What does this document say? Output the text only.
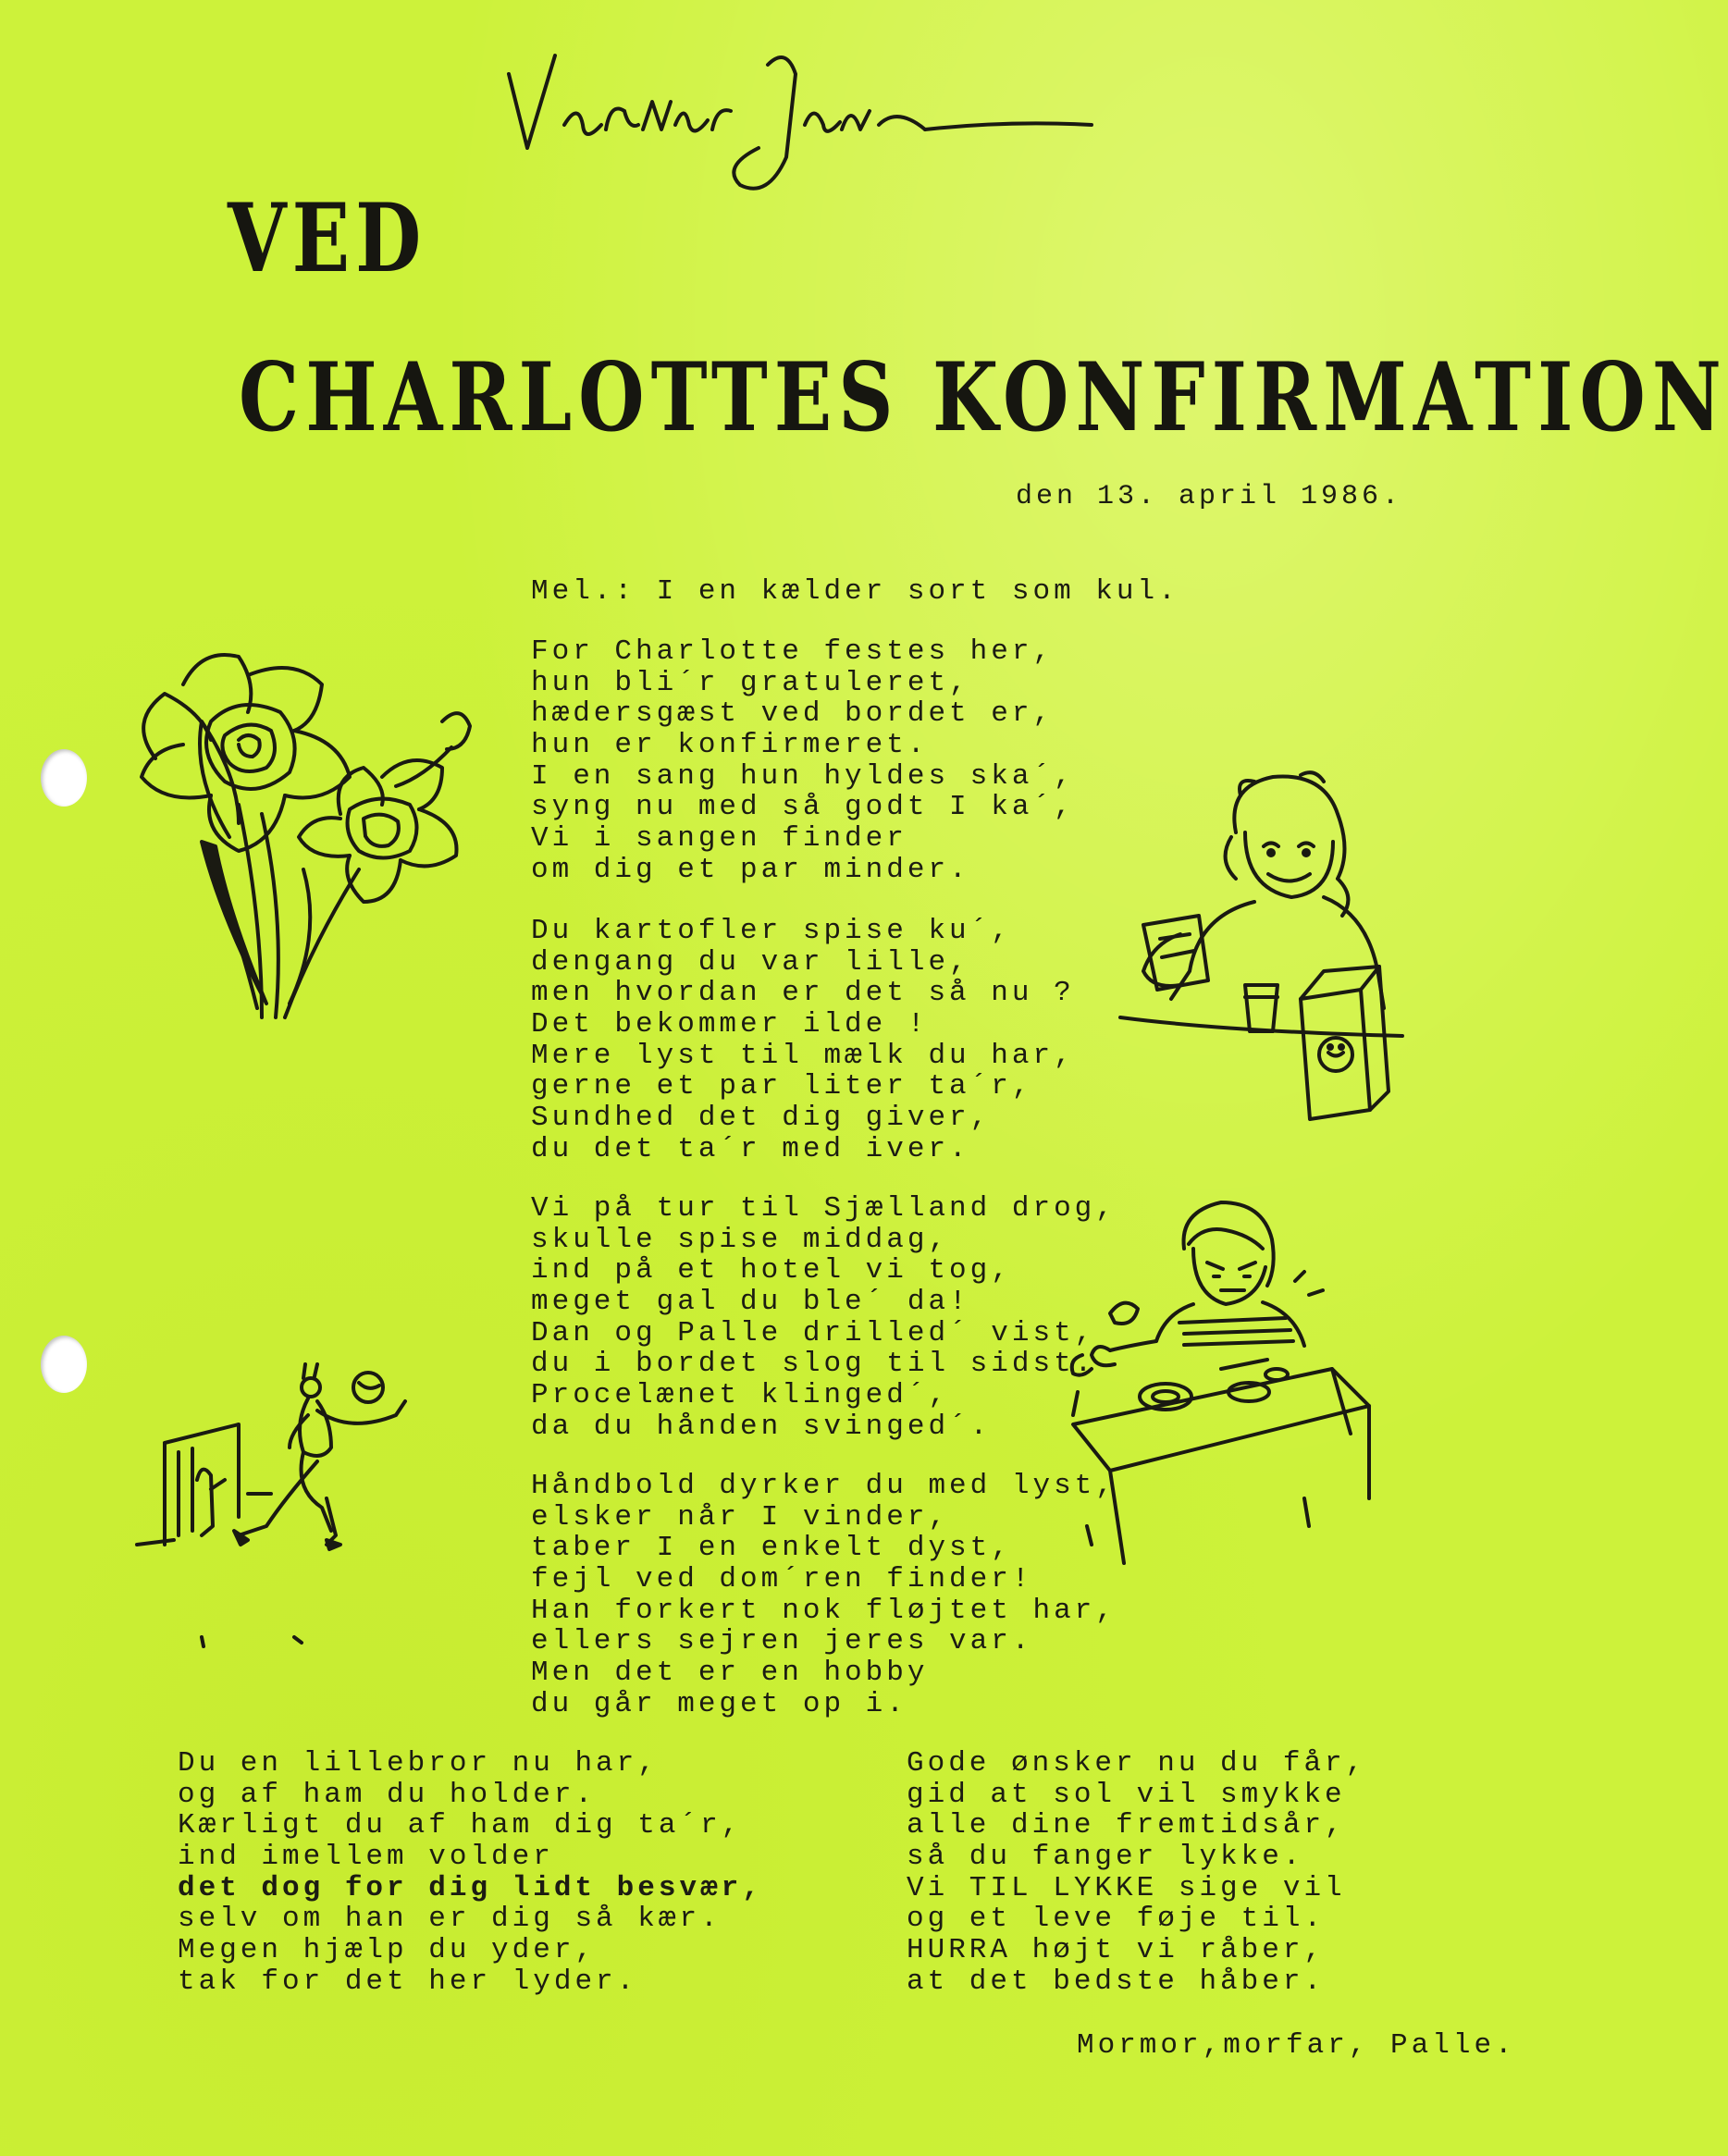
VED
CHARLOTTES KONFIRMATION
den 13. april 1986.
Mel.: I en kælder sort som kul.
For Charlotte festes her,
hun bli´r gratuleret,
hædersgæst ved bordet er,
hun er konfirmeret.
I en sang hun hyldes ska´,
syng nu med så godt I ka´,
Vi i sangen finder
om dig et par minder.
Du kartofler spise ku´,
dengang du var lille,
men hvordan er det så nu ?
Det bekommer ilde !
Mere lyst til mælk du har,
gerne et par liter ta´r,
Sundhed det dig giver,
du det ta´r med iver.
Vi på tur til Sjælland drog,
skulle spise middag,
ind på et hotel vi tog,
meget gal du ble´ da!
Dan og Palle drilled´ vist,
du i bordet slog til sidst.
Procelænet klinged´,
da du hånden svinged´.
Håndbold dyrker du med lyst,
elsker når I vinder,
taber I en enkelt dyst,
fejl ved dom´ren finder!
Han forkert nok fløjtet har,
ellers sejren jeres var.
Men det er en hobby
du går meget op i.
Du en lillebror nu har,
og af ham du holder.
Kærligt du af ham dig ta´r,
ind imellem volder
det dog for dig lidt besvær,
selv om han er dig så kær.
Megen hjælp du yder,
tak for det her lyder.
Gode ønsker nu du får,
gid at sol vil smykke
alle dine fremtidsår,
så du fanger lykke.
Vi TIL LYKKE sige vil
og et leve føje til.
HURRA højt vi råber,
at det bedste håber.
Mormor,morfar, Palle.
